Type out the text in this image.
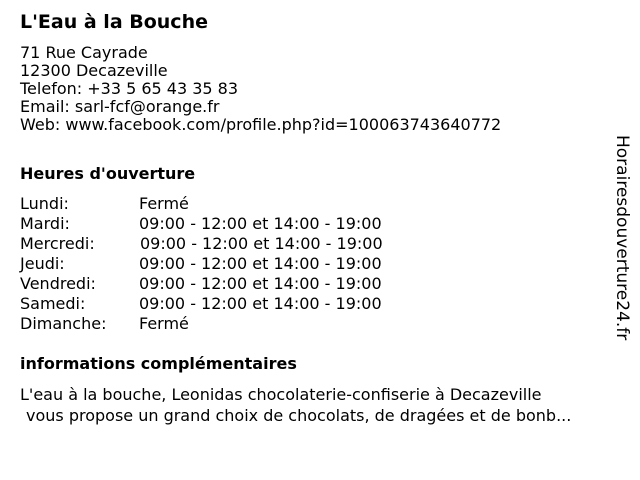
L'Eau à la Bouche
71 Rue Cayrade
12300 Decazeville
Telefon: +33 5 65 43 35 83
Email: sarl-fcf@orange.fr
Web: www.facebook.com/profile.php?id=100063743640772
Heures d'ouverture
Lundi:	Fermé
Mardi:	09:00 - 12:00 et 14:00 - 19:00
Mercredi:	09:00 - 12:00 et 14:00 - 19:00
Jeudi:	09:00 - 12:00 et 14:00 - 19:00
Vendredi:	09:00 - 12:00 et 14:00 - 19:00
Samedi:	09:00 - 12:00 et 14:00 - 19:00
Dimanche: Fermé
informations complémentaires
L'eau à la bouche, Leonidas chocolaterie-confiserie à Decazeville
vous propose un grand choix de chocolats, de dragées et de bonb...
Horairesdouverture24.fr
